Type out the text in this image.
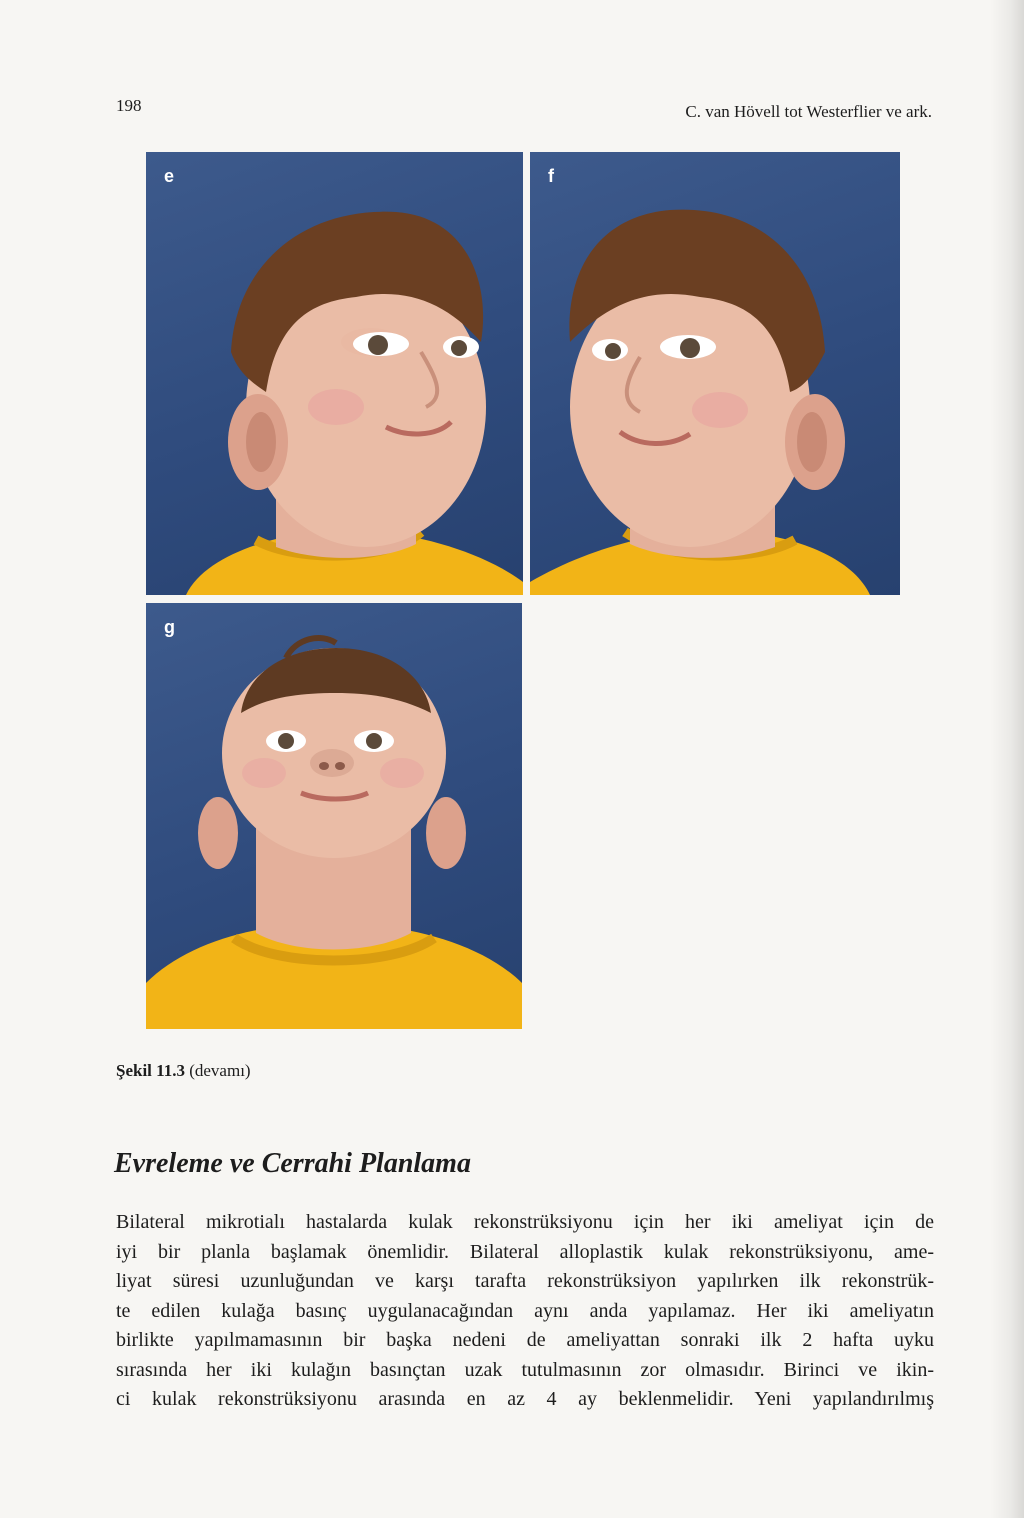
198	C. van Hövell tot Westerflier ve ark.
e	f
g
Şekil 11.3 (devamı)
Evreleme ve Cerrahi Planlama

Bilateral mikrotialı hastalarda kulak rekonstrüksiyonu için her iki ameliyat için de
iyi bir planla başlamak önemlidir. Bilateral alloplastik kulak rekonstrüksiyonu, ame-
liyat süresi uzunluğundan ve karşı tarafta rekonstrüksiyon yapılırken ilk rekonstrük-
te edilen kulağa basınç uygulanacağından aynı anda yapılamaz. Her iki ameliyatın
birlikte yapılmamasının bir başka nedeni de ameliyattan sonraki ilk 2 hafta uyku
sırasında her iki kulağın basınçtan uzak tutulmasının zor olmasıdır. Birinci ve ikin-
ci kulak rekonstrüksiyonu arasında en az 4 ay beklenmelidir. Yeni yapılandırılmış
